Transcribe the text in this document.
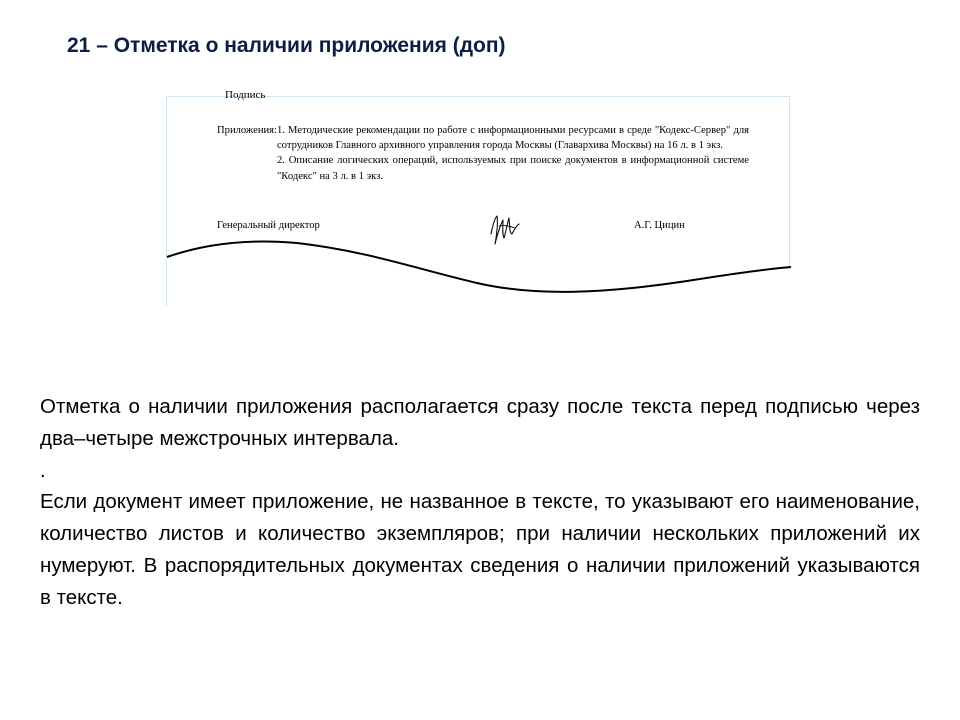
21 – Отметка о наличии приложения (доп)
Подпись
Приложения: 1. Методические рекомендации по работе с информационными ресурсами в среде "Кодекс-Сервер" для сотрудников Главного архивного управления города Москвы (Главархива Москвы) на 16 л. в 1 экз.
2. Описание логических операций, используемых при поиске документов в информационной системе "Кодекс" на 3 л. в 1 экз.
Генеральный директор	А.Г. Цицин

Отметка о наличии приложения располагается сразу после текста перед подписью через два–четыре межстрочных интервала.

.

Если документ имеет приложение, не названное в тексте, то указывают его наименование, количество листов и количество экземпляров; при наличии нескольких приложений их нумеруют. В распорядительных документах сведения о наличии приложений указываются в тексте.
